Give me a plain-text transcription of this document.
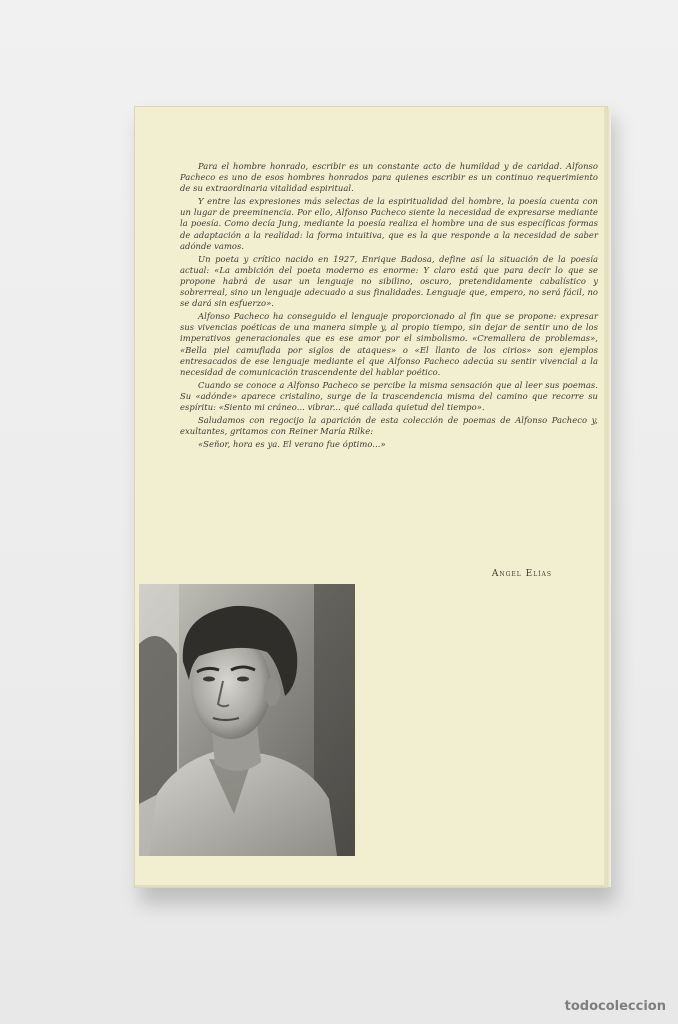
Para el hombre honrado, escribir es un constante acto de humildad y de caridad. Alfonso Pacheco es uno de esos hombres honrados para quienes escribir es un continuo requerimiento de su extraordinaria vitalidad espiritual.

Y entre las expresiones más selectas de la espiritualidad del hombre, la poesía cuenta con un lugar de preeminencia. Por ello, Alfonso Pacheco siente la necesidad de expresarse mediante la poesía. Como decía Jung, mediante la poesía realiza el hombre una de sus específicas formas de adaptación a la realidad: la forma intuitiva, que es la que responde a la necesidad de saber adónde vamos.

Un poeta y crítico nacido en 1927, Enrique Badosa, define así la situación de la poesía actual: «La ambición del poeta moderno es enorme: Y claro está que para decir lo que se propone habrá de usar un lenguaje no sibilino, oscuro, pretendidamente cabalístico y sobrerreal, sino un lenguaje adecuado a sus finalidades. Lenguaje que, empero, no será fácil, no se dará sin esfuerzo».

Alfonso Pacheco ha conseguido el lenguaje proporcionado al fin que se propone: expresar sus vivencias poéticas de una manera simple y, al propio tiempo, sin dejar de sentir uno de los imperativos generacionales que es ese amor por el simbolismo. «Cremallera de problemas», «Bella piel camuflada por siglos de ataques» o «El llanto de los cirios» son ejemplos entresacados de ese lenguaje mediante el que Alfonso Pacheco adecúa su sentir vivencial a la necesidad de comunicación trascendente del hablar poético.

Cuando se conoce a Alfonso Pacheco se percibe la misma sensación que al leer sus poemas. Su «adónde» aparece cristalino, surge de la trascendencia misma del camino que recorre su espíritu: «Siento mi cráneo... vibrar... qué callada quietud del tiempo».

Saludamos con regocijo la aparición de esta colección de poemas de Alfonso Pacheco y, exultantes, gritamos con Reiner María Rilke:

«Señor, hora es ya. El verano fue óptimo...»

Angel Elías
todocoleccion
